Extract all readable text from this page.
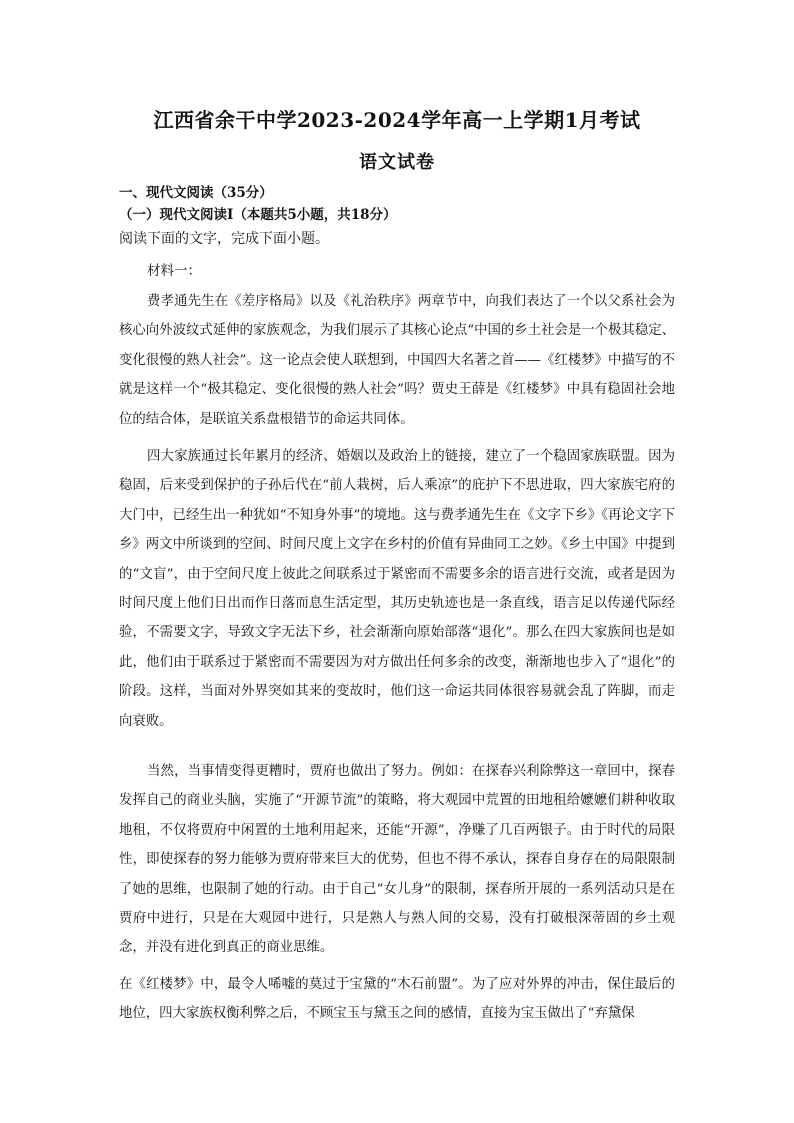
江西省余干中学2023-2024学年高一上学期1月考试
语文试卷

一、现代文阅读（35分）

（一）现代文阅读Ⅰ（本题共5小题，共18分）

阅读下面的文字，完成下面小题。

材料一：

费孝通先生在《差序格局》以及《礼治秩序》两章节中，向我们表达了一个以父系社会为核心向外波纹式延伸的家族观念，为我们展示了其核心论点“中国的乡土社会是一个极其稳定、变化很慢的熟人社会”。这一论点会使人联想到，中国四大名著之首——《红楼梦》中描写的不就是这样一个“极其稳定、变化很慢的熟人社会”吗？贾史王薛是《红楼梦》中具有稳固社会地位的结合体，是联谊关系盘根错节的命运共同体。

四大家族通过长年累月的经济、婚姻以及政治上的链接，建立了一个稳固家族联盟。因为稳固，后来受到保护的子孙后代在“前人栽树，后人乘凉”的庇护下不思进取，四大家族宅府的大门中，已经生出一种犹如“不知身外事”的境地。这与费孝通先生在《文字下乡》《再论文字下乡》两文中所谈到的空间、时间尺度上文字在乡村的价值有异曲同工之妙。《乡土中国》中提到的“文盲”，由于空间尺度上彼此之间联系过于紧密而不需要多余的语言进行交流，或者是因为时间尺度上他们日出而作日落而息生活定型，其历史轨迹也是一条直线，语言足以传递代际经验，不需要文字，导致文字无法下乡，社会渐渐向原始部落“退化”。那么在四大家族间也是如此，他们由于联系过于紧密而不需要因为对方做出任何多余的改变，渐渐地也步入了“退化”的阶段。这样，当面对外界突如其来的变故时，他们这一命运共同体很容易就会乱了阵脚，而走向衰败。

当然，当事情变得更糟时，贾府也做出了努力。例如：在探春兴利除弊这一章回中，探春发挥自己的商业头脑，实施了“开源节流”的策略，将大观园中荒置的田地租给嬷嬷们耕种收取地租，不仅将贾府中闲置的土地利用起来，还能“开源”，净赚了几百两银子。由于时代的局限性，即使探春的努力能够为贾府带来巨大的优势，但也不得不承认，探春自身存在的局限限制了她的思维，也限制了她的行动。由于自己“女儿身”的限制，探春所开展的一系列活动只是在贾府中进行，只是在大观园中进行，只是熟人与熟人间的交易，没有打破根深蒂固的乡土观念，并没有进化到真正的商业思维。

在《红楼梦》中，最令人唏嘘的莫过于宝黛的“木石前盟”。为了应对外界的冲击，保住最后的地位，四大家族权衡利弊之后，不顾宝玉与黛玉之间的感情，直接为宝玉做出了“弃黛保
